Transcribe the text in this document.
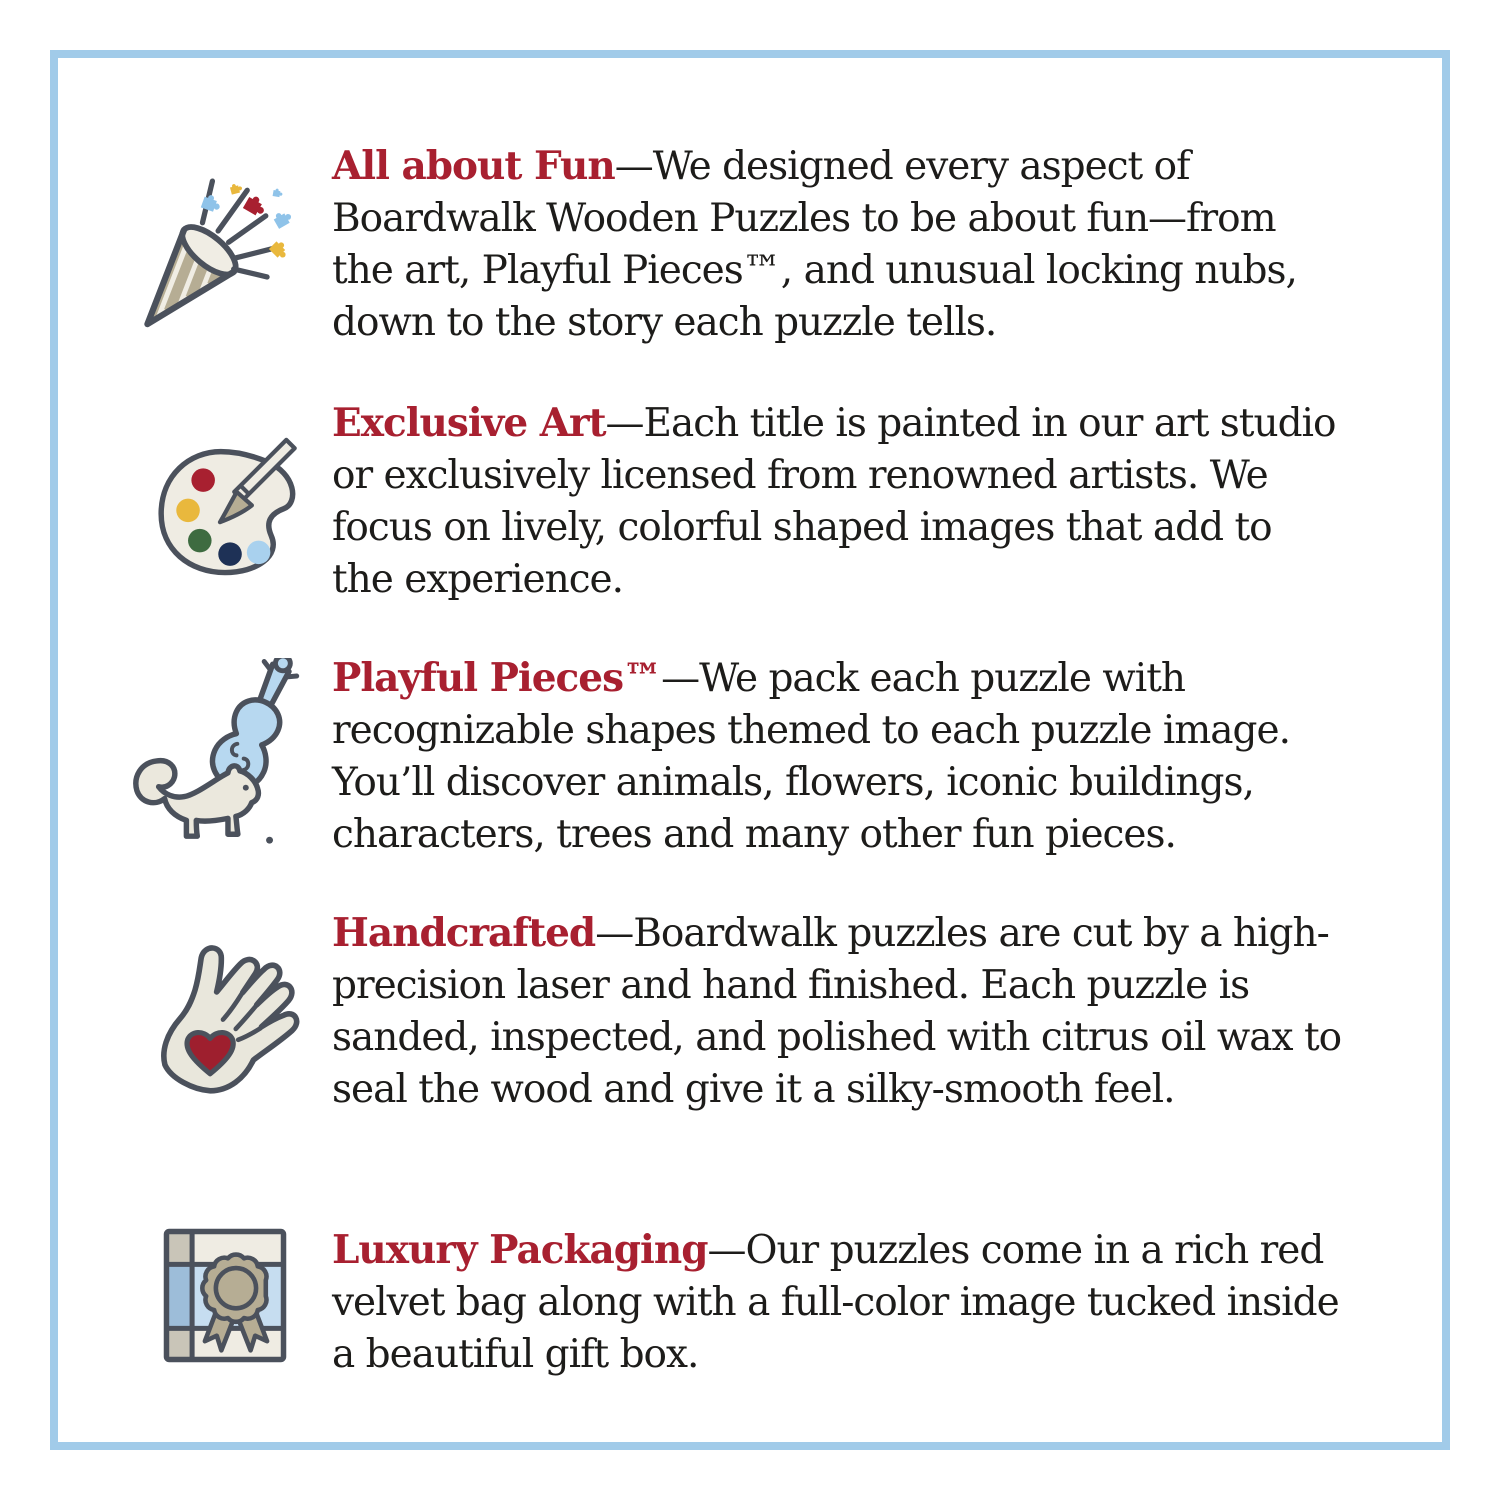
All about Fun—We designed every aspect of Boardwalk Wooden Puzzles to be about fun—from the art, Playful Pieces™, and unusual locking nubs, down to the story each puzzle tells.

Exclusive Art—Each title is painted in our art studio or exclusively licensed from renowned artists. We focus on lively, colorful shaped images that add to the experience.

Playful Pieces™—We pack each puzzle with recognizable shapes themed to each puzzle image. You’ll discover animals, flowers, iconic buildings, characters, trees and many other fun pieces.

Handcrafted—Boardwalk puzzles are cut by a high-precision laser and hand finished. Each puzzle is sanded, inspected, and polished with citrus oil wax to seal the wood and give it a silky-smooth feel.

Luxury Packaging—Our puzzles come in a rich red velvet bag along with a full-color image tucked inside a beautiful gift box.
